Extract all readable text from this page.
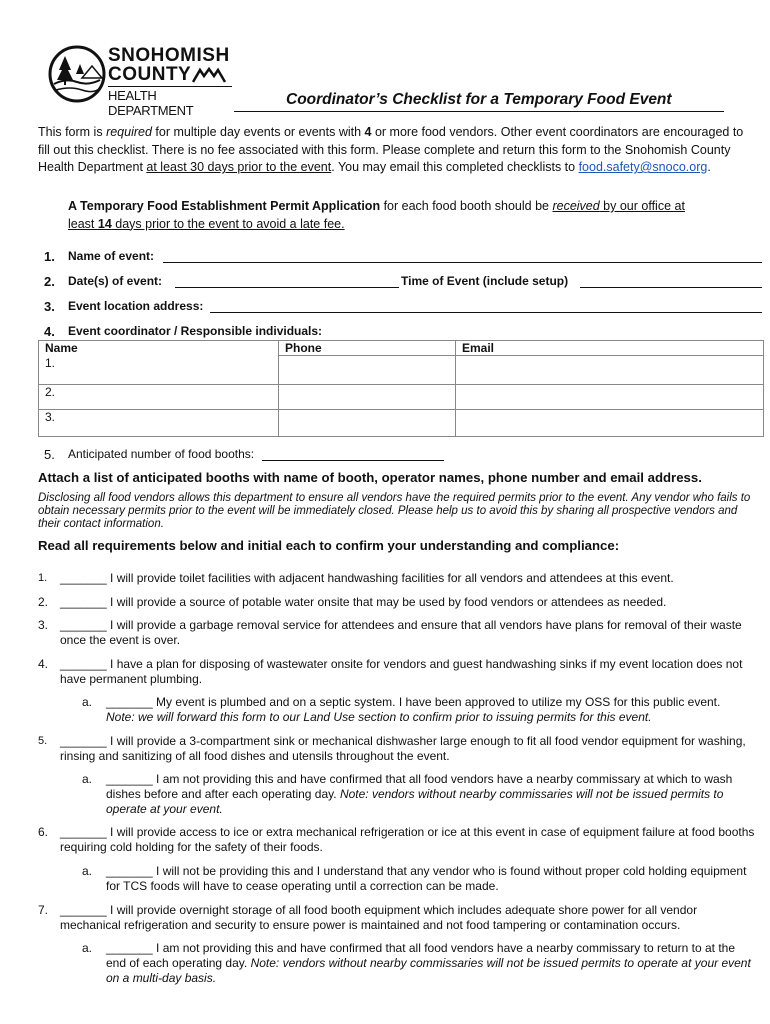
SNOHOMISH
COUNTY
HEALTH DEPARTMENT
Coordinator’s Checklist for a Temporary Food Event
This form is required for multiple day events or events with 4 or more food vendors. Other event coordinators are encouraged to fill out this checklist. There is no fee associated with this form. Please complete and return this form to the Snohomish County Health Department at least 30 days prior to the event. You may email this completed checklists to food.safety@snoco.org.
A Temporary Food Establishment Permit Application for each food booth should be received by our office at least 14 days prior to the event to avoid a late fee.
1. Name of event:
2. Date(s) of event:	Time of Event (include setup)
3. Event location address:
4. Event coordinator / Responsible individuals:
Name	Phone	Email
1.		
2.		
3.		
5. Anticipated number of food booths:
Attach a list of anticipated booths with name of booth, operator names, phone number and email address.
Disclosing all food vendors allows this department to ensure all vendors have the required permits prior to the event. Any vendor who fails to obtain necessary permits prior to the event will be immediately closed. Please help us to avoid this by sharing all prospective vendors and their contact information.
Read all requirements below and initial each to confirm your understanding and compliance:
1. _______ I will provide toilet facilities with adjacent handwashing facilities for all vendors and attendees at this event.
2. _______ I will provide a source of potable water onsite that may be used by food vendors or attendees as needed.
3. _______ I will provide a garbage removal service for attendees and ensure that all vendors have plans for removal of their waste once the event is over.
4. _______ I have a plan for disposing of wastewater onsite for vendors and guest handwashing sinks if my event location does not have permanent plumbing.
a. _______ My event is plumbed and on a septic system. I have been approved to utilize my OSS for this public event.
Note: we will forward this form to our Land Use section to confirm prior to issuing permits for this event.
5. _______ I will provide a 3-compartment sink or mechanical dishwasher large enough to fit all food vendor equipment for washing, rinsing and sanitizing of all food dishes and utensils throughout the event.
a. _______ I am not providing this and have confirmed that all food vendors have a nearby commissary at which to wash dishes before and after each operating day. Note: vendors without nearby commissaries will not be issued permits to operate at your event.
6. _______ I will provide access to ice or extra mechanical refrigeration or ice at this event in case of equipment failure at food booths requiring cold holding for the safety of their foods.
a. _______ I will not be providing this and I understand that any vendor who is found without proper cold holding equipment for TCS foods will have to cease operating until a correction can be made.
7. _______ I will provide overnight storage of all food booth equipment which includes adequate shore power for all vendor mechanical refrigeration and security to ensure power is maintained and not food tampering or contamination occurs.
a. _______ I am not providing this and have confirmed that all food vendors have a nearby commissary to return to at the end of each operating day. Note: vendors without nearby commissaries will not be issued permits to operate at your event on a multi-day basis.
